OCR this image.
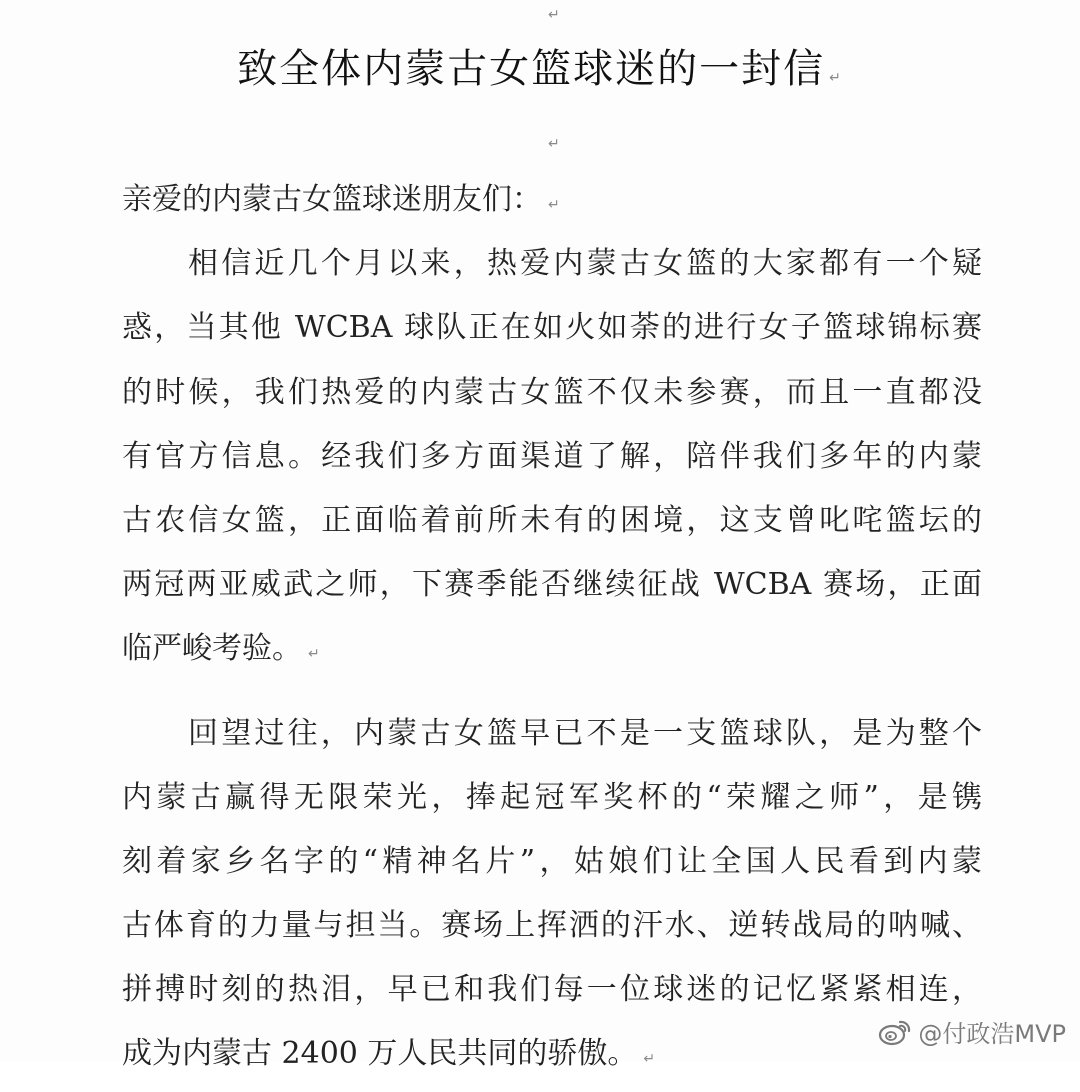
↵
致全体内蒙古女篮球迷的一封信 ↵
↵
亲爱的内蒙古女篮球迷朋友们： ↵
相信近几个月以来，热爱内蒙古女篮的大家都有一个疑
惑，当其他 WCBA 球队正在如火如荼的进行女子篮球锦标赛
的时候，我们热爱的内蒙古女篮不仅未参赛，而且一直都没
有官方信息。经我们多方面渠道了解，陪伴我们多年的内蒙
古农信女篮，正面临着前所未有的困境，这支曾叱咤篮坛的
两冠两亚威武之师，下赛季能否继续征战 WCBA 赛场，正面
临严峻考验。 ↵
回望过往，内蒙古女篮早已不是一支篮球队，是为整个
内蒙古赢得无限荣光，捧起冠军奖杯的“荣耀之师”，是镌
刻着家乡名字的“精神名片”，姑娘们让全国人民看到内蒙
古体育的力量与担当。赛场上挥洒的汗水、逆转战局的呐喊、
拼搏时刻的热泪，早已和我们每一位球迷的记忆紧紧相连，
成为内蒙古 2400 万人民共同的骄傲。 ↵
@付政浩MVP
